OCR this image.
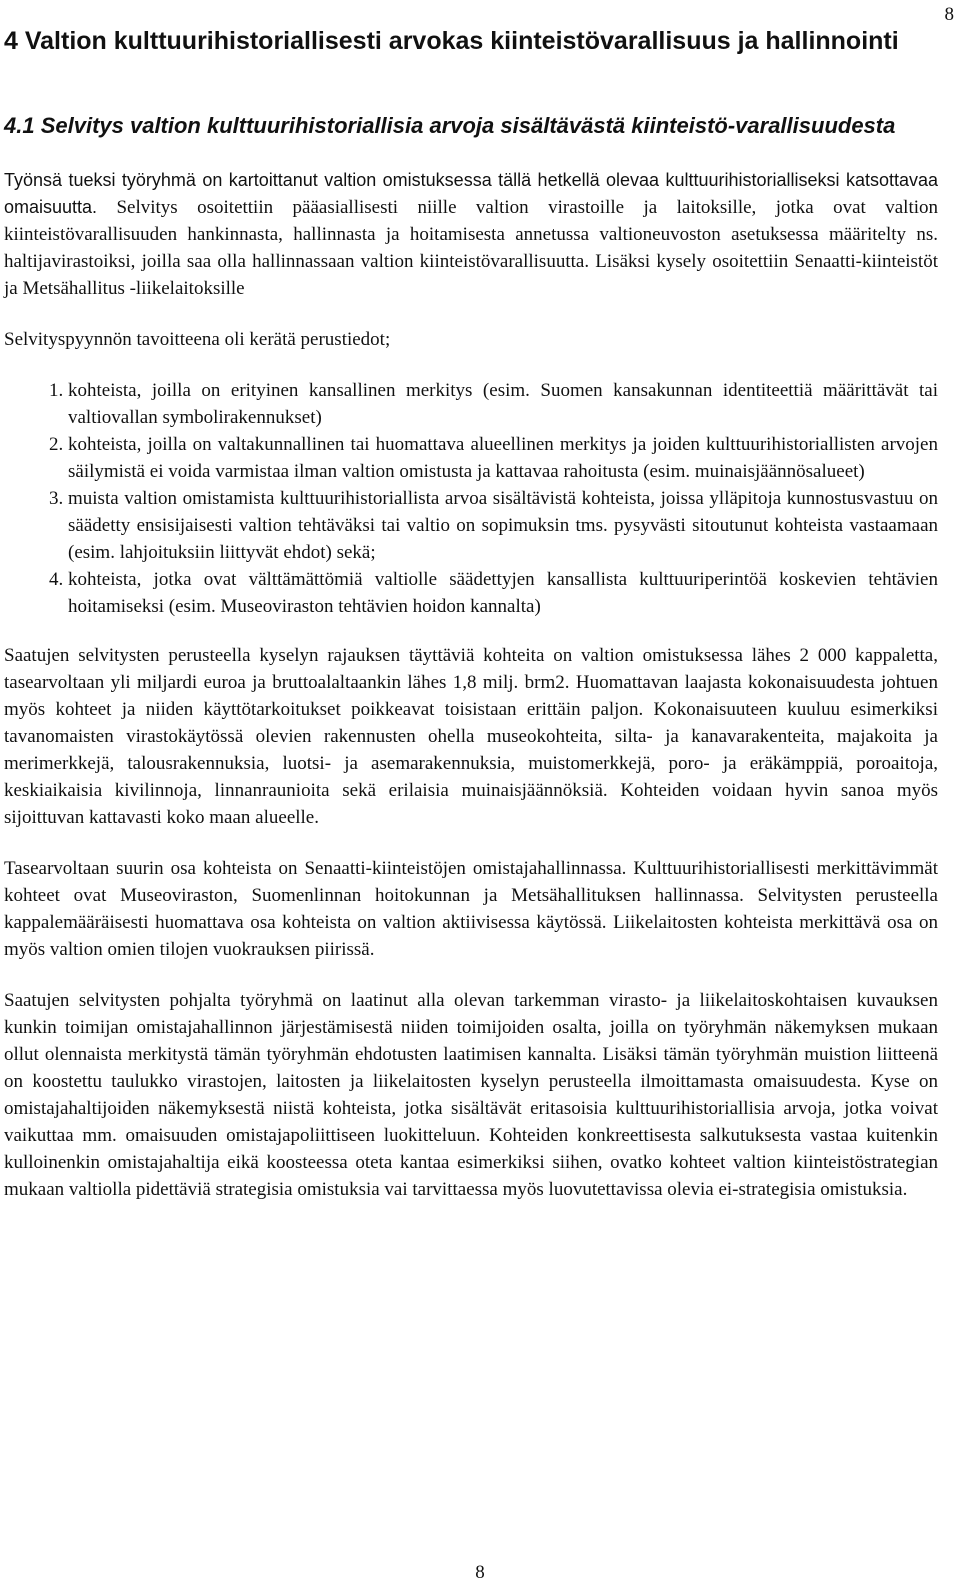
8
4 Valtion kulttuurihistoriallisesti arvokas kiinteistövarallisuus ja hallinnointi
4.1 Selvitys valtion kulttuurihistoriallisia arvoja sisältävästä kiinteistö-varallisuudesta

Työnsä tueksi työryhmä on kartoittanut valtion omistuksessa tällä hetkellä olevaa kulttuurihistorialliseksi katsottavaa omaisuutta. Selvitys osoitettiin pääasiallisesti niille valtion virastoille ja laitoksille, jotka ovat valtion kiinteistövarallisuuden hankinnasta, hallinnasta ja hoitamisesta annetussa valtioneuvoston asetuksessa määritelty ns. haltijavirastoiksi, joilla saa olla hallinnassaan valtion kiinteistövarallisuutta. Lisäksi kysely osoitettiin Senaatti-kiinteistöt ja Metsähallitus -liikelaitoksille

Selvityspyynnön tavoitteena oli kerätä perustiedot;

1. kohteista, joilla on erityinen kansallinen merkitys (esim. Suomen kansakunnan identiteettiä määrittävät tai valtiovallan symbolirakennukset)
2. kohteista, joilla on valtakunnallinen tai huomattava alueellinen merkitys ja joiden kulttuurihistoriallisten arvojen säilymistä ei voida varmistaa ilman valtion omistusta ja kattavaa rahoitusta (esim. muinaisjäännösalueet)
3. muista valtion omistamista kulttuurihistoriallista arvoa sisältävistä kohteista, joissa ylläpitoja kunnostusvastuu on säädetty ensisijaisesti valtion tehtäväksi tai valtio on sopimuksin tms. pysyvästi sitoutunut kohteista vastaamaan (esim. lahjoituksiin liittyvät ehdot) sekä;
4. kohteista, jotka ovat välttämättömiä valtiolle säädettyjen kansallista kulttuuriperintöä koskevien tehtävien hoitamiseksi (esim. Museoviraston tehtävien hoidon kannalta)

Saatujen selvitysten perusteella kyselyn rajauksen täyttäviä kohteita on valtion omistuksessa lähes 2 000 kappaletta, tasearvoltaan yli miljardi euroa ja bruttoalaltaankin lähes 1,8 milj. brm2. Huomattavan laajasta kokonaisuudesta johtuen myös kohteet ja niiden käyttötarkoitukset poikkeavat toisistaan erittäin paljon. Kokonaisuuteen kuuluu esimerkiksi tavanomaisten virastokäytössä olevien rakennusten ohella museokohteita, silta- ja kanavarakenteita, majakoita ja merimerkkejä, talousrakennuksia, luotsi- ja asemarakennuksia, muistomerkkejä, poro- ja eräkämppiä, poroaitoja, keskiaikaisia kivilinnoja, linnanraunioita sekä erilaisia muinaisjäännöksiä. Kohteiden voidaan hyvin sanoa myös sijoittuvan kattavasti koko maan alueelle.

Tasearvoltaan suurin osa kohteista on Senaatti-kiinteistöjen omistajahallinnassa. Kulttuurihistoriallisesti merkittävimmät kohteet ovat Museoviraston, Suomenlinnan hoitokunnan ja Metsähallituksen hallinnassa. Selvitysten perusteella kappalemääräisesti huomattava osa kohteista on valtion aktiivisessa käytössä. Liikelaitosten kohteista merkittävä osa on myös valtion omien tilojen vuokrauksen piirissä.

Saatujen selvitysten pohjalta työryhmä on laatinut alla olevan tarkemman virasto- ja liikelaitoskohtaisen kuvauksen kunkin toimijan omistajahallinnon järjestämisestä niiden toimijoiden osalta, joilla on työryhmän näkemyksen mukaan ollut olennaista merkitystä tämän työryhmän ehdotusten laatimisen kannalta. Lisäksi tämän työryhmän muistion liitteenä on koostettu taulukko virastojen, laitosten ja liikelaitosten kyselyn perusteella ilmoittamasta omaisuudesta. Kyse on omistajahaltijoiden näkemyksestä niistä kohteista, jotka sisältävät eritasoisia kulttuurihistoriallisia arvoja, jotka voivat vaikuttaa mm. omaisuuden omistajapoliittiseen luokitteluun. Kohteiden konkreettisesta salkutuksesta vastaa kuitenkin kulloinenkin omistajahaltija eikä koosteessa oteta kantaa esimerkiksi siihen, ovatko kohteet valtion kiinteistöstrategian mukaan valtiolla pidettäviä strategisia omistuksia vai tarvittaessa myös luovutettavissa olevia ei-strategisia omistuksia.

8
